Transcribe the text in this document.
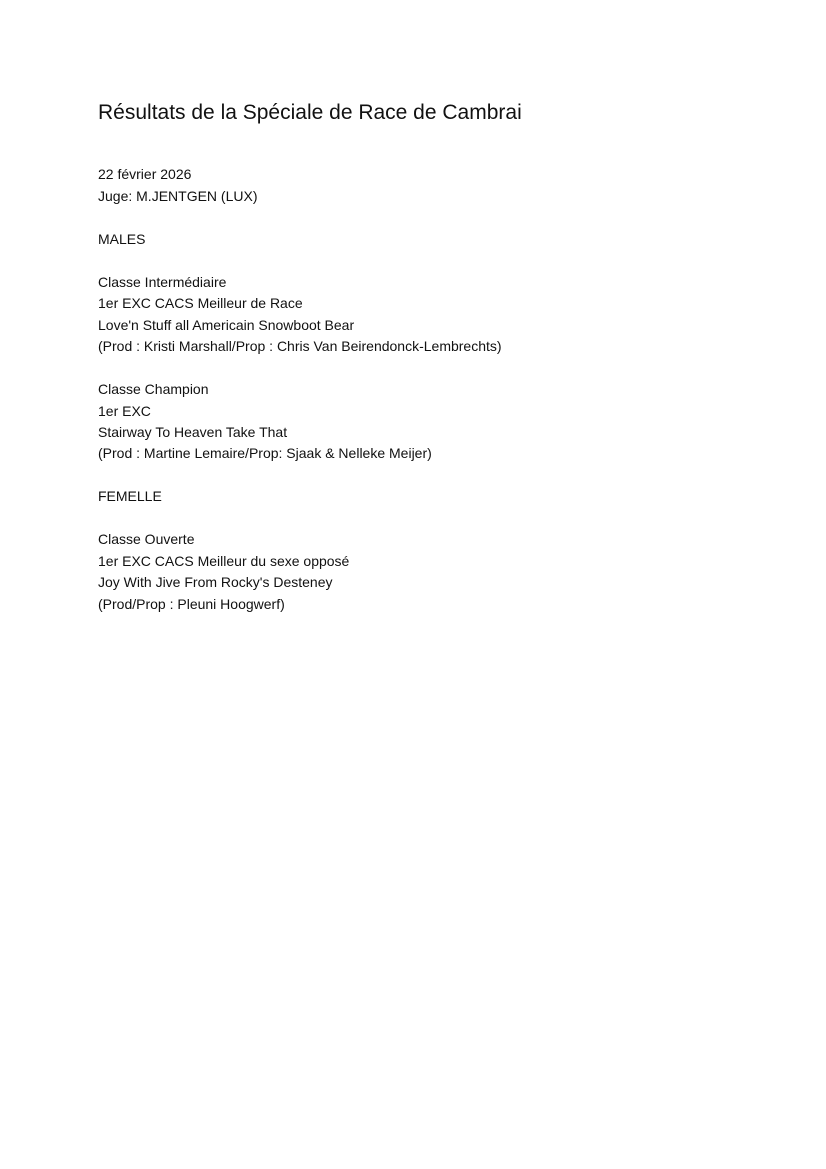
Résultats de la Spéciale de Race de Cambrai
22 février 2026
Juge: M.JENTGEN (LUX)
MALES
Classe Intermédiaire
1er EXC CACS Meilleur de Race
Love'n Stuff all Americain Snowboot Bear
(Prod : Kristi Marshall/Prop : Chris Van Beirendonck-Lembrechts)
Classe Champion
1er EXC
Stairway To Heaven Take That
(Prod : Martine Lemaire/Prop: Sjaak & Nelleke Meijer)
FEMELLE
Classe Ouverte
1er EXC CACS Meilleur du sexe opposé
Joy With Jive From Rocky's Desteney
(Prod/Prop : Pleuni Hoogwerf)
